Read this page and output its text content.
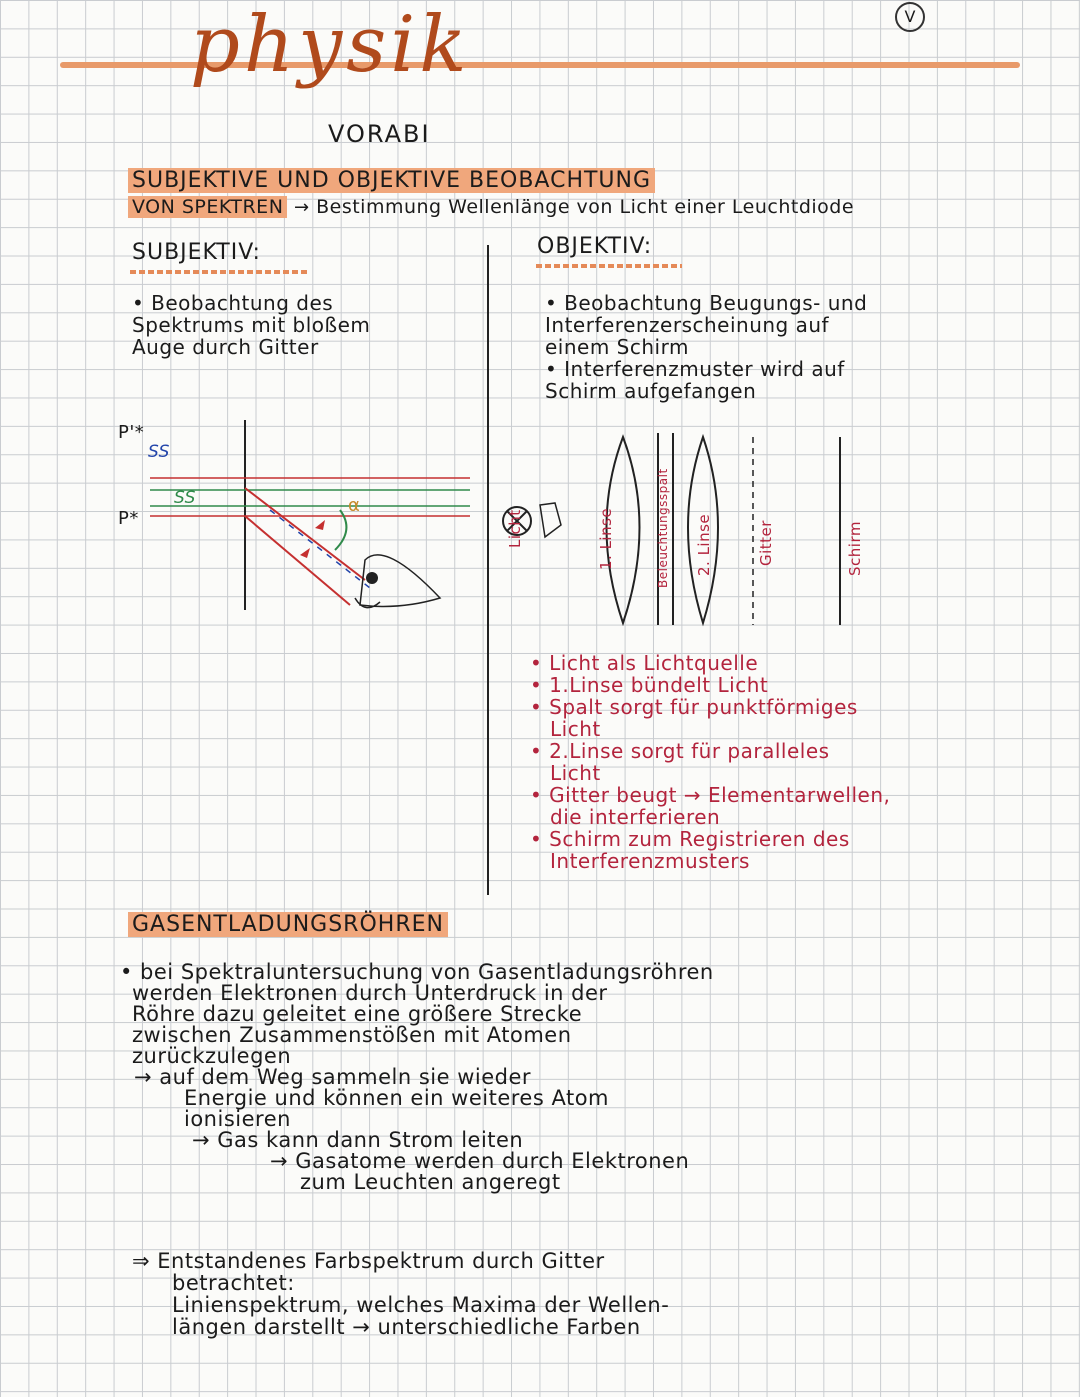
physik	V
VORABI
SUBJEKTIVE UND OBJEKTIVE BEOBACHTUNG
VON SPEKTREN → Bestimmung Wellenlänge von Licht einer Leuchtdiode
SUBJEKTIV:
• Beobachtung des
Spektrums mit bloßem
Auge durch Gitter
P'*
SS
P*
SS	α
OBJEKTIV:
• Beobachtung Beugungs- und
Interferenzerscheinung auf
einem Schirm
• Interferenzmuster wird auf
Schirm aufgefangen
Licht	1. Linse	Beleuchtungsspalt 2. Linse	Gitter	Schirm
• Licht als Lichtquelle
• 1.Linse bündelt Licht
• Spalt sorgt für punktförmiges
Licht
• 2.Linse sorgt für paralleles
Licht
• Gitter beugt → Elementarwellen,
die interferieren
• Schirm zum Registrieren des
Interferenzmusters
GASENTLADUNGSRÖHREN
• bei Spektraluntersuchung von Gasentladungsröhren
werden Elektronen durch Unterdruck in der
Röhre dazu geleitet eine größere Strecke
zwischen Zusammenstößen mit Atomen
zurückzulegen
→ auf dem Weg sammeln sie wieder
Energie und können ein weiteres Atom
ionisieren
→ Gas kann dann Strom leiten
→ Gasatome werden durch Elektronen
zum Leuchten angeregt
⇒ Entstandenes Farbspektrum durch Gitter
betrachtet:
Linienspektrum, welches Maxima der Wellen-
längen darstellt → unterschiedliche Farben
